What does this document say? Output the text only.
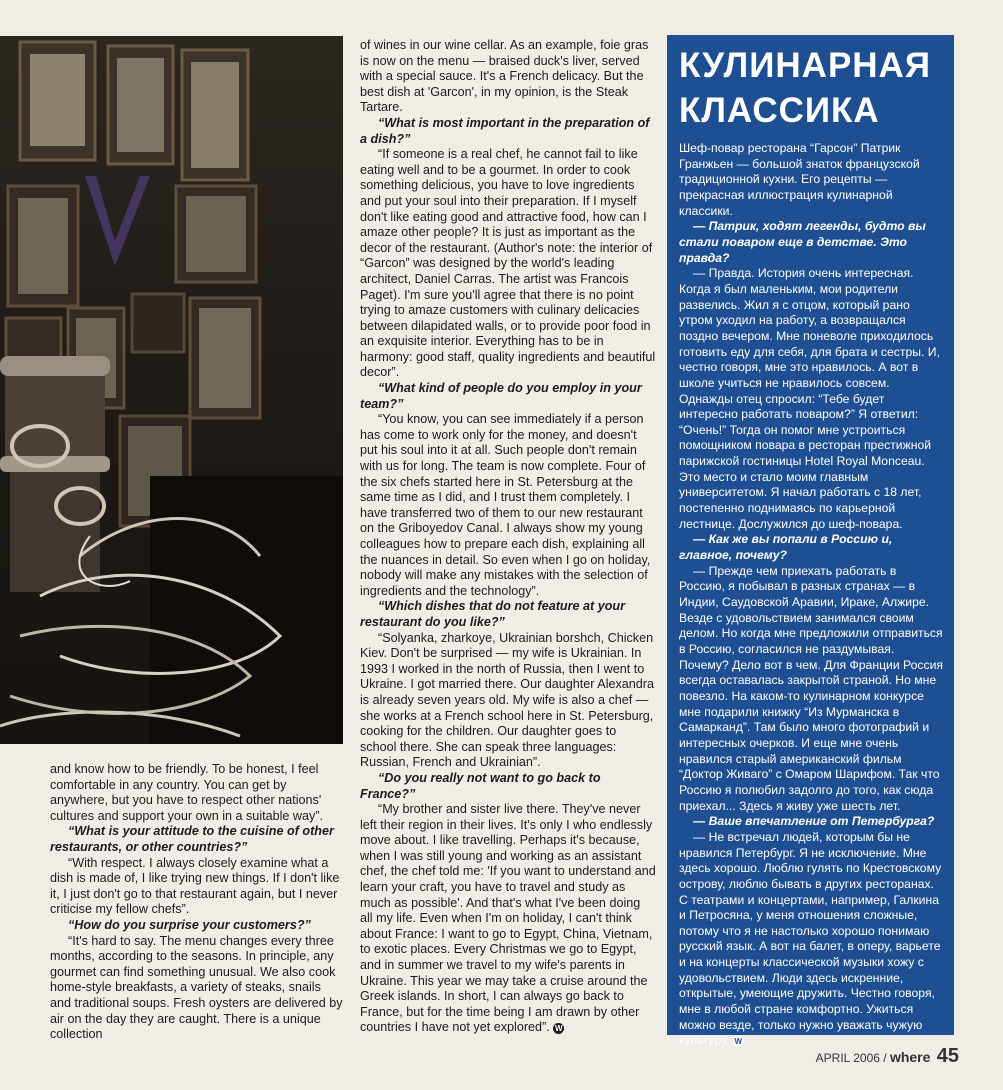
and know how to be friendly. To be honest, I feel comfortable in any country. You can get by anywhere, but you have to respect other nations' cultures and support your own in a suitable way”.

“What is your attitude to the cuisine of other restaurants, or other countries?”

“With respect. I always closely examine what a dish is made of, I like trying new things. If I don't like it, I just don't go to that restaurant again, but I never criticise my fellow chefs”.

“How do you surprise your customers?”

“It's hard to say. The menu changes every three months, according to the seasons. In principle, any gourmet can find something unusual. We also cook home-style breakfasts, a variety of steaks, snails and traditional soups. Fresh oysters are delivered by air on the day they are caught. There is a unique collection

of wines in our wine cellar. As an example, foie gras is now on the menu — braised duck's liver, served with a special sauce. It's a French delicacy. But the best dish at 'Garcon', in my opinion, is the Steak Tartare.

“What is most important in the preparation of a dish?”

“If someone is a real chef, he cannot fail to like eating well and to be a gourmet. In order to cook something delicious, you have to love ingredients and put your soul into their preparation. If I myself don't like eating good and attractive food, how can I amaze other people? It is just as important as the decor of the restaurant. (Author's note: the interior of “Garcon” was designed by the world's leading architect, Daniel Carras. The artist was Francois Paget). I'm sure you'll agree that there is no point trying to amaze customers with culinary delicacies between dilapidated walls, or to provide poor food in an exquisite interior. Everything has to be in harmony: good staff, quality ingredients and beautiful decor”.

“What kind of people do you employ in your team?”

“You know, you can see immediately if a person has come to work only for the money, and doesn't put his soul into it at all. Such people don't remain with us for long. The team is now complete. Four of the six chefs started here in St. Petersburg at the same time as I did, and I trust them completely. I have transferred two of them to our new restaurant on the Griboyedov Canal. I always show my young colleagues how to prepare each dish, explaining all the nuances in detail. So even when I go on holiday, nobody will make any mistakes with the selection of ingredients and the technology”.

“Which dishes that do not feature at your restaurant do you like?”

“Solyanka, zharkoye, Ukrainian borshch, Chicken Kiev. Don't be surprised — my wife is Ukrainian. In 1993 I worked in the north of Russia, then I went to Ukraine. I got married there. Our daughter Alexandra is already seven years old. My wife is also a chef — she works at a French school here in St. Petersburg, cooking for the children. Our daughter goes to school there. She can speak three languages: Russian, French and Ukrainian”.

“Do you really not want to go back to France?”

“My brother and sister live there. They've never left their region in their lives. It's only I who endlessly move about. I like travelling. Perhaps it's because, when I was still young and working as an assistant chef, the chef told me: 'If you want to understand and learn your craft, you have to travel and study as much as possible'. And that's what I've been doing all my life. Even when I'm on holiday, I can't think about France: I want to go to Egypt, China, Vietnam, to exotic places. Every Christmas we go to Egypt, and in summer we travel to my wife's parents in Ukraine. This year we may take a cruise around the Greek islands. In short, I can always go back to France, but for the time being I am drawn by other countries I have not yet explored”. W

КУЛИНАРНАЯ
КЛАССИКА

Шеф-повар ресторана “Гарсон” Патрик Гранжьен — большой знаток французской традиционной кухни. Его рецепты — прекрасная иллюстрация кулинарной классики.

— Патрик, ходят легенды, будто вы стали поваром еще в детстве. Это правда?

— Правда. История очень интересная. Когда я был маленьким, мои родители развелись. Жил я с отцом, который рано утром уходил на работу, а возвращался поздно вечером. Мне поневоле приходилось готовить еду для себя, для брата и сестры. И, честно говоря, мне это нравилось. А вот в школе учиться не нравилось совсем. Однажды отец спросил: “Тебе будет интересно работать поваром?” Я ответил: “Очень!” Тогда он помог мне устроиться помощником повара в ресторан престижной парижской гостиницы Hotel Royal Monceau. Это место и стало моим главным университетом. Я начал работать с 18 лет, постепенно поднимаясь по карьерной лестнице. Дослужился до шеф-повара.

— Как же вы попали в Россию и, главное, почему?

— Прежде чем приехать работать в Россию, я побывал в разных странах — в Индии, Саудовской Аравии, Ираке, Алжире. Везде с удовольствием занимался своим делом. Но когда мне предложили отправиться в Россию, согласился не раздумывая. Почему? Дело вот в чем. Для Франции Россия всегда оставалась закрытой страной. Но мне повезло. На каком-то кулинарном конкурсе мне подарили книжку “Из Мурманска в Самарканд”. Там было много фотографий и интересных очерков. И еще мне очень нравился старый американский фильм “Доктор Живаго” с Омаром Шарифом. Так что Россию я полюбил задолго до того, как сюда приехал... Здесь я живу уже шесть лет.

— Ваше впечатление от Петербурга?

— Не встречал людей, которым бы не нравился Петербург. Я не исключение. Мне здесь хорошо. Люблю гулять по Крестовскому острову, люблю бывать в других ресторанах. С театрами и концертами, например, Галкина и Петросяна, у меня отношения сложные, потому что я не настолько хорошо понимаю русский язык. А вот на балет, в оперу, варьете и на концерты классической музыки хожу с удовольствием. Люди здесь искренние, открытые, умеющие дружить. Честно говоря, мне в любой стране комфортно. Ужиться можно везде, только нужно уважать чужую культуру. W

APRIL 2006 / where 45
